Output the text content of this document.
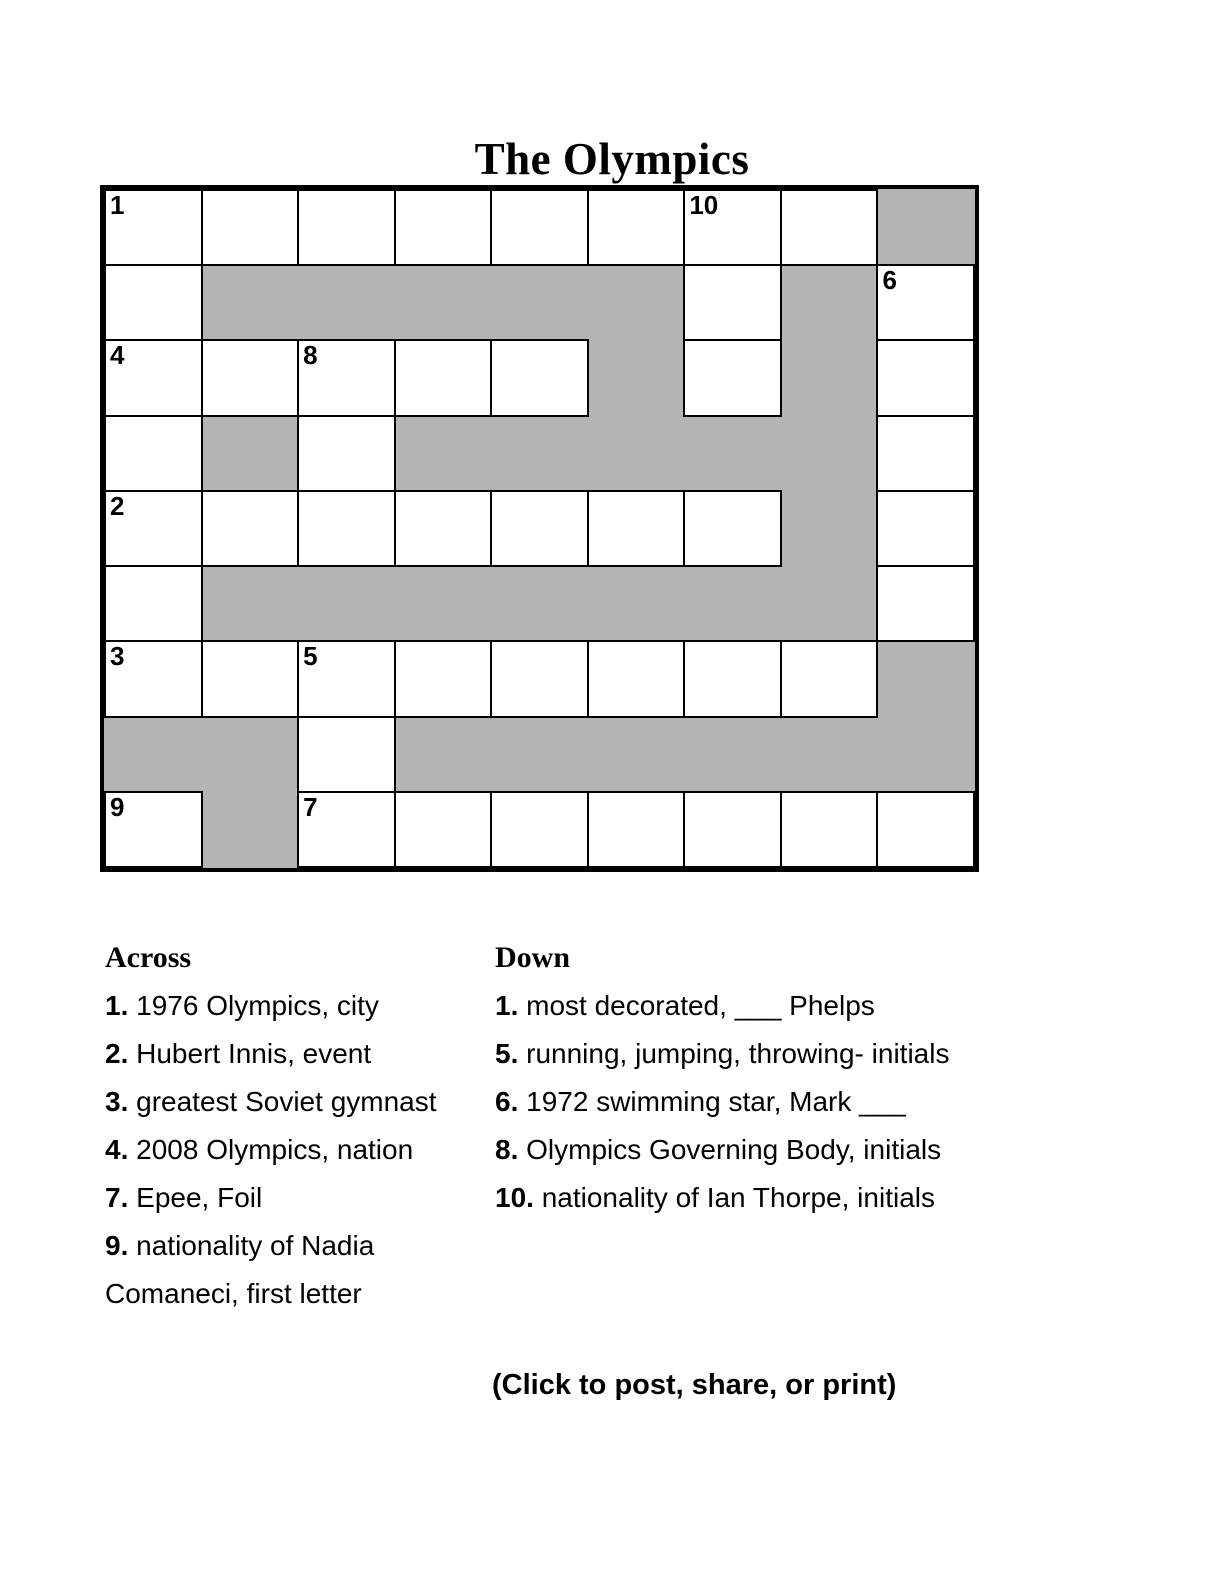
The Olympics
1	10
6
4	8
2
3	5
9	7
Across
1. 1976 Olympics, city
2. Hubert Innis, event
3. greatest Soviet gymnast
4. 2008 Olympics, nation
7. Epee, Foil
9. nationality of Nadia Comaneci, first letter
Down
1. most decorated, ___ Phelps
5. running, jumping, throwing- initials
6. 1972 swimming star, Mark ___
8. Olympics Governing Body, initials
10. nationality of Ian Thorpe, initials
(Click to post, share, or print)
